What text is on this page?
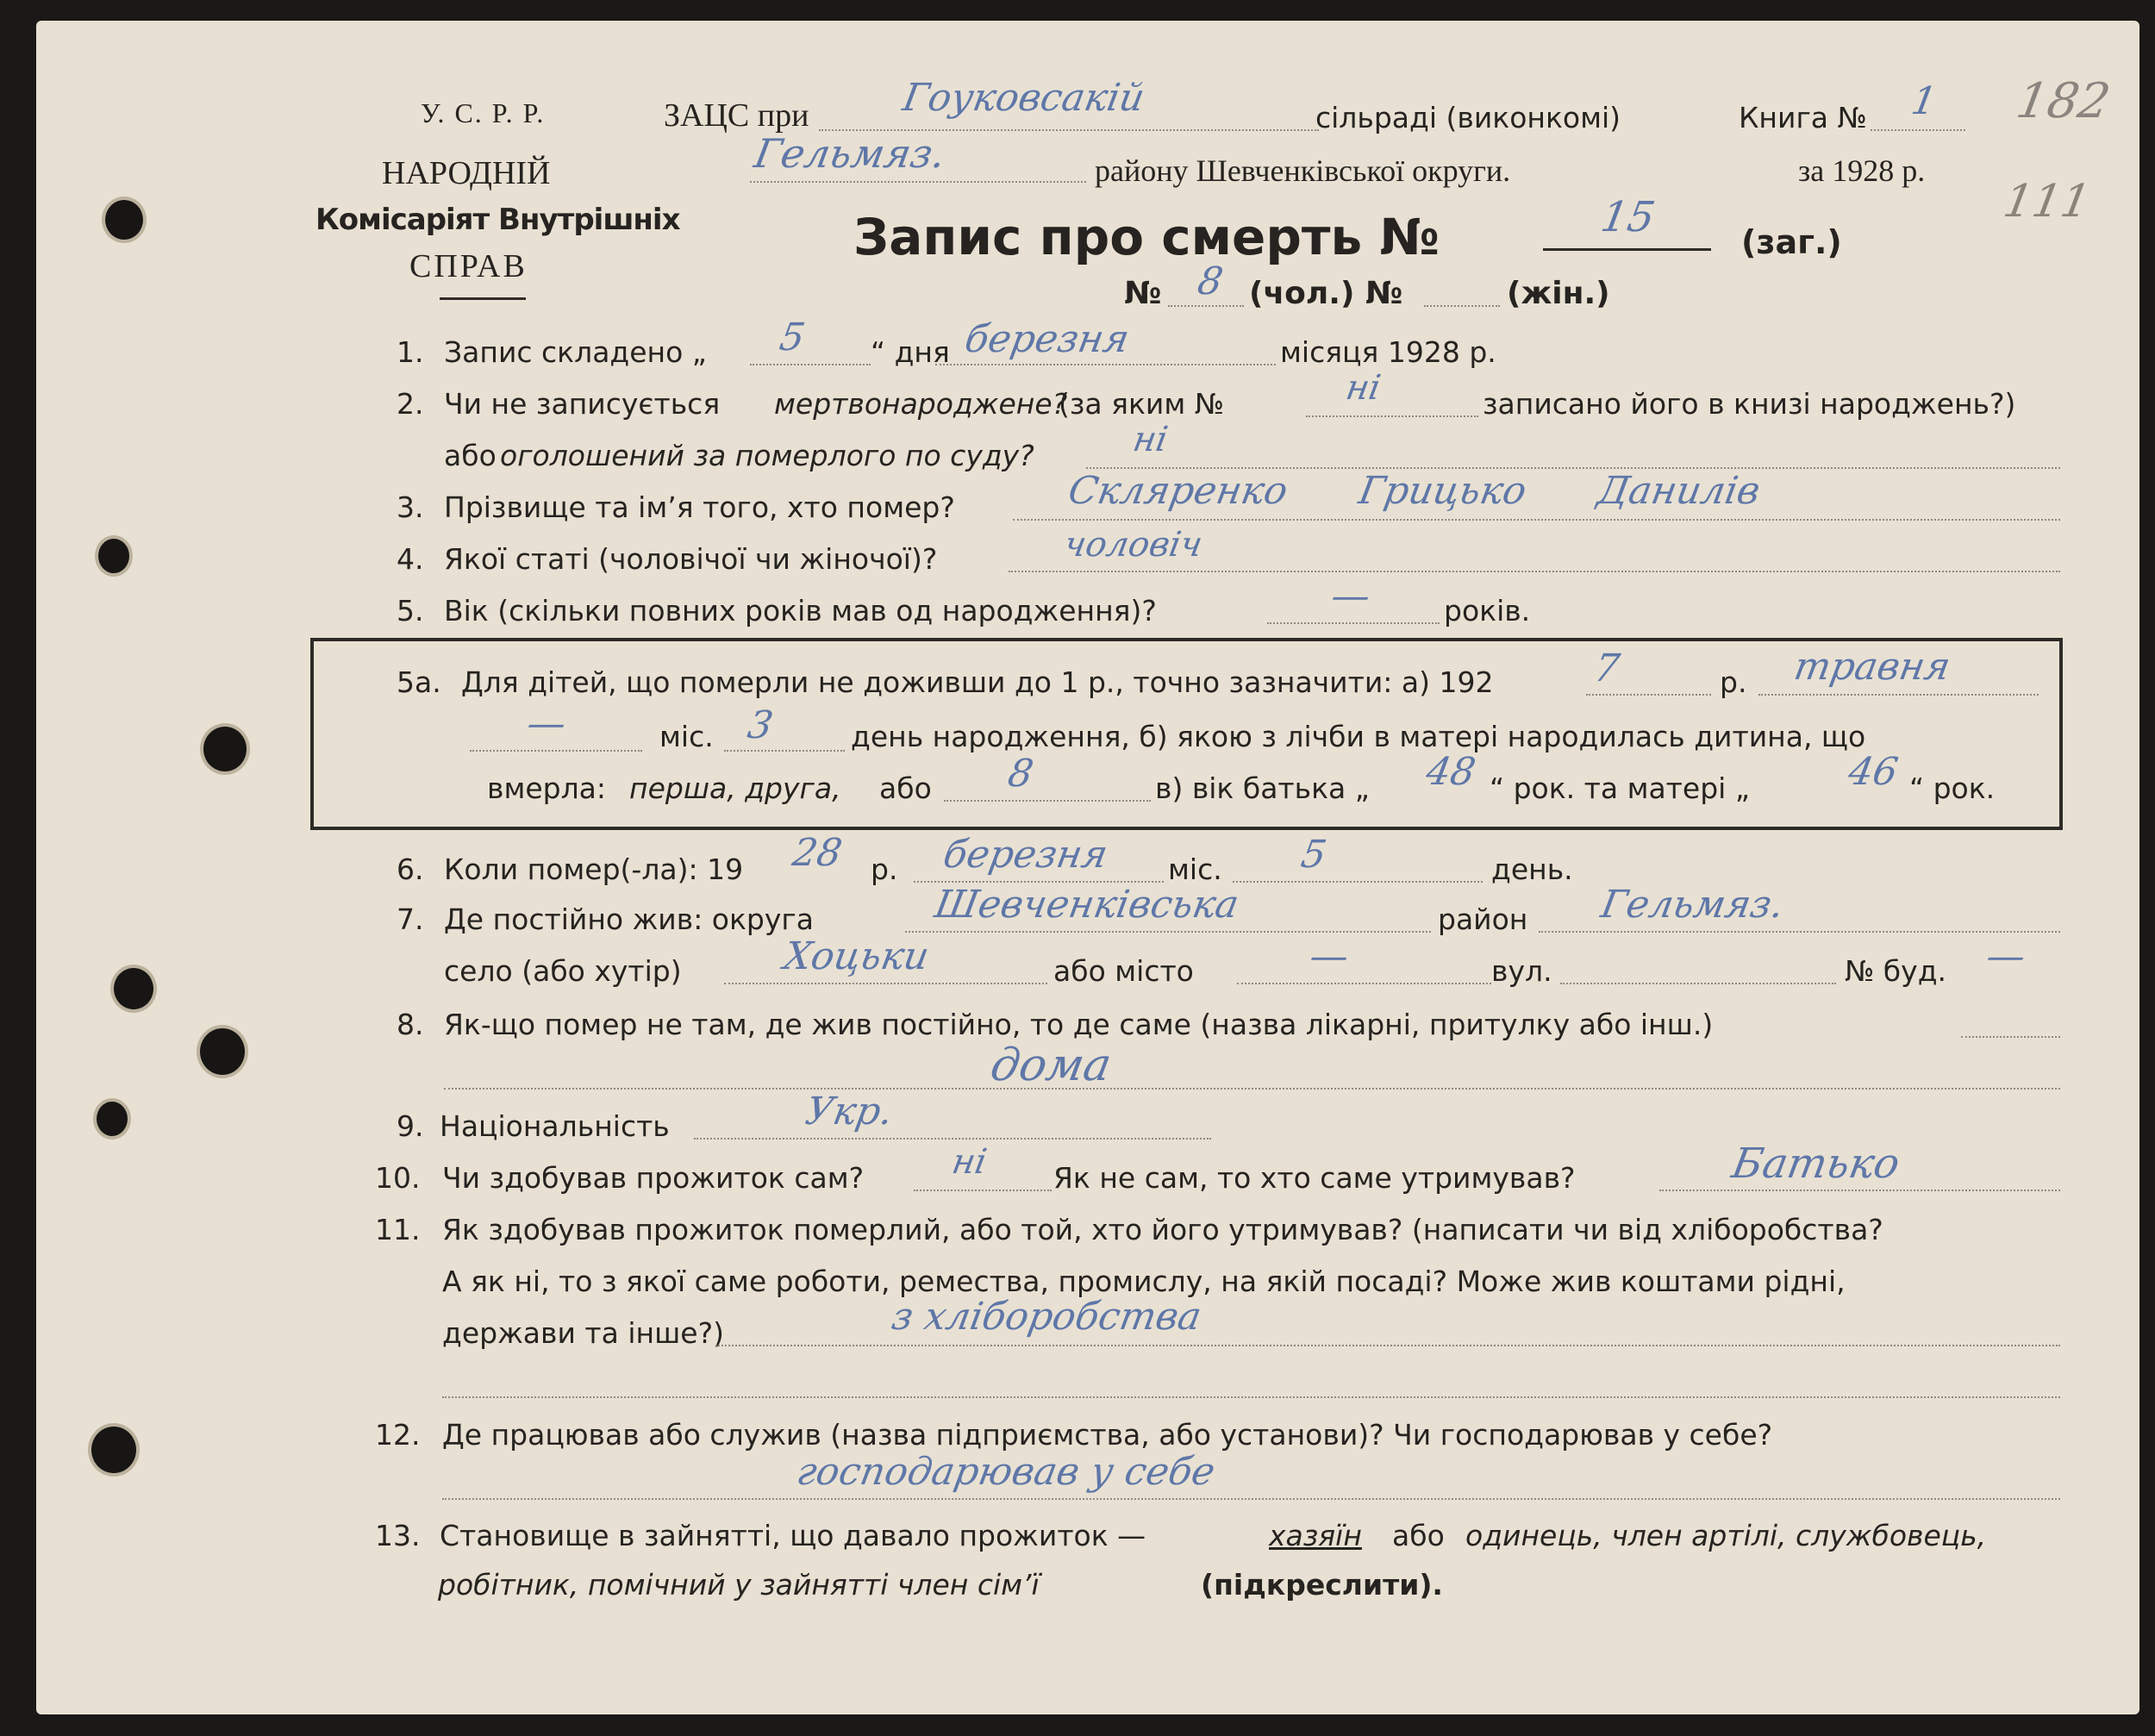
У. С. Р. Р.
НАРОДНІЙ
Комісаріят Внутрішніх
СПРАВ
ЗАЦС при Гоуковсакій	сільраді (виконкомі)	Книга № 1 182
111
Гельмяз.	району Шевченківської округи.	за 1928 р.
Запис про смерть №	15
(заг.)
№ 8 (чол.) №	(жін.)
1. Запис складено „ 5 “ дня березня	місяця 1928 р.
2. Чи не записується мертвонароджене?
(за яким №	ні	записано його в книзі народжень?)
або оголошений за померлого по суду?	ні
3. Прізвище та ім’я того, хто помер?	Скляренко Грицько Данилів
4. Якої статі (чоловічої чи жіночої)?	чоловіч
5. Вік (скільки повних років мав од народження)?	— років.
5а. Для дітей, що померли не доживши до 1 р., точно зазначити: а) 192	7	р. травня
—	міс. 3	день народження, б) якою з лічби в матері народилась дитина, що
вмерла: перша, друга, або 8	в) вік батька „ 48 “ рок. та матері „	46 “ рок.
6. Коли помер(-ла): 19 28 р. березня міс. 5	день.
7. Де постійно жив: округа	Шевченківська	район Гельмяз.
село (або хутір)	Хоцьки	або місто	—	вул.	№ буд. —
8. Як-що помер не там, де жив постійно, то де саме (назва лікарні, притулку або інш.)
дома
9. Національність	Укр.
10. Чи здобував прожиток сам? ні Як не сам, то хто саме утримував?	Батько
11. Як здобував прожиток померлий, або той, хто його утримував? (написати чи від хліборобства?
А як ні, то з якої саме роботи, ремества, промислу, на якій посаді? Може жив коштами рідні,
держави та інше?)	з хліборобства
12. Де працював або служив (назва підприємства, або установи)? Чи господарював у себе?
господарював у себе
13. Становище в зайнятті, що давало прожиток —	хазяїн або одинець, член артілі, службовець,
робітник, помічний у зайнятті член сім’ї	(підкреслити).
